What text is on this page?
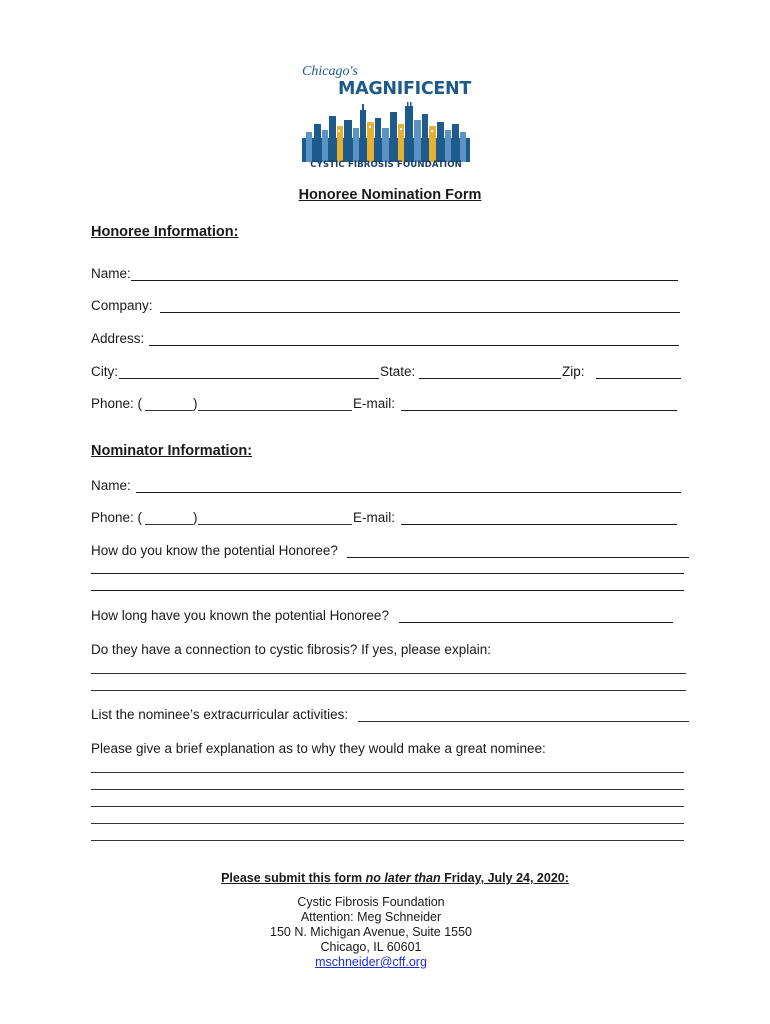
Chicago's
MAGNIFICENT
CYSTIC FIBROSIS FOUNDATION
Honoree Nomination Form
Honoree Information:
Name:
Company:
Address:
City:	State:	Zip:
Phone: (	)	E-mail:
Nominator Information:
Name:
Phone: (	)	E-mail:
How do you know the potential Honoree?
How long have you known the potential Honoree?
Do they have a connection to cystic fibrosis? If yes, please explain:
List the nominee’s extracurricular activities:
Please give a brief explanation as to why they would make a great nominee:
Please submit this form no later than Friday, July 24, 2020:
Cystic Fibrosis Foundation
Attention: Meg Schneider
150 N. Michigan Avenue, Suite 1550
Chicago, IL 60601
mschneider@cff.org
